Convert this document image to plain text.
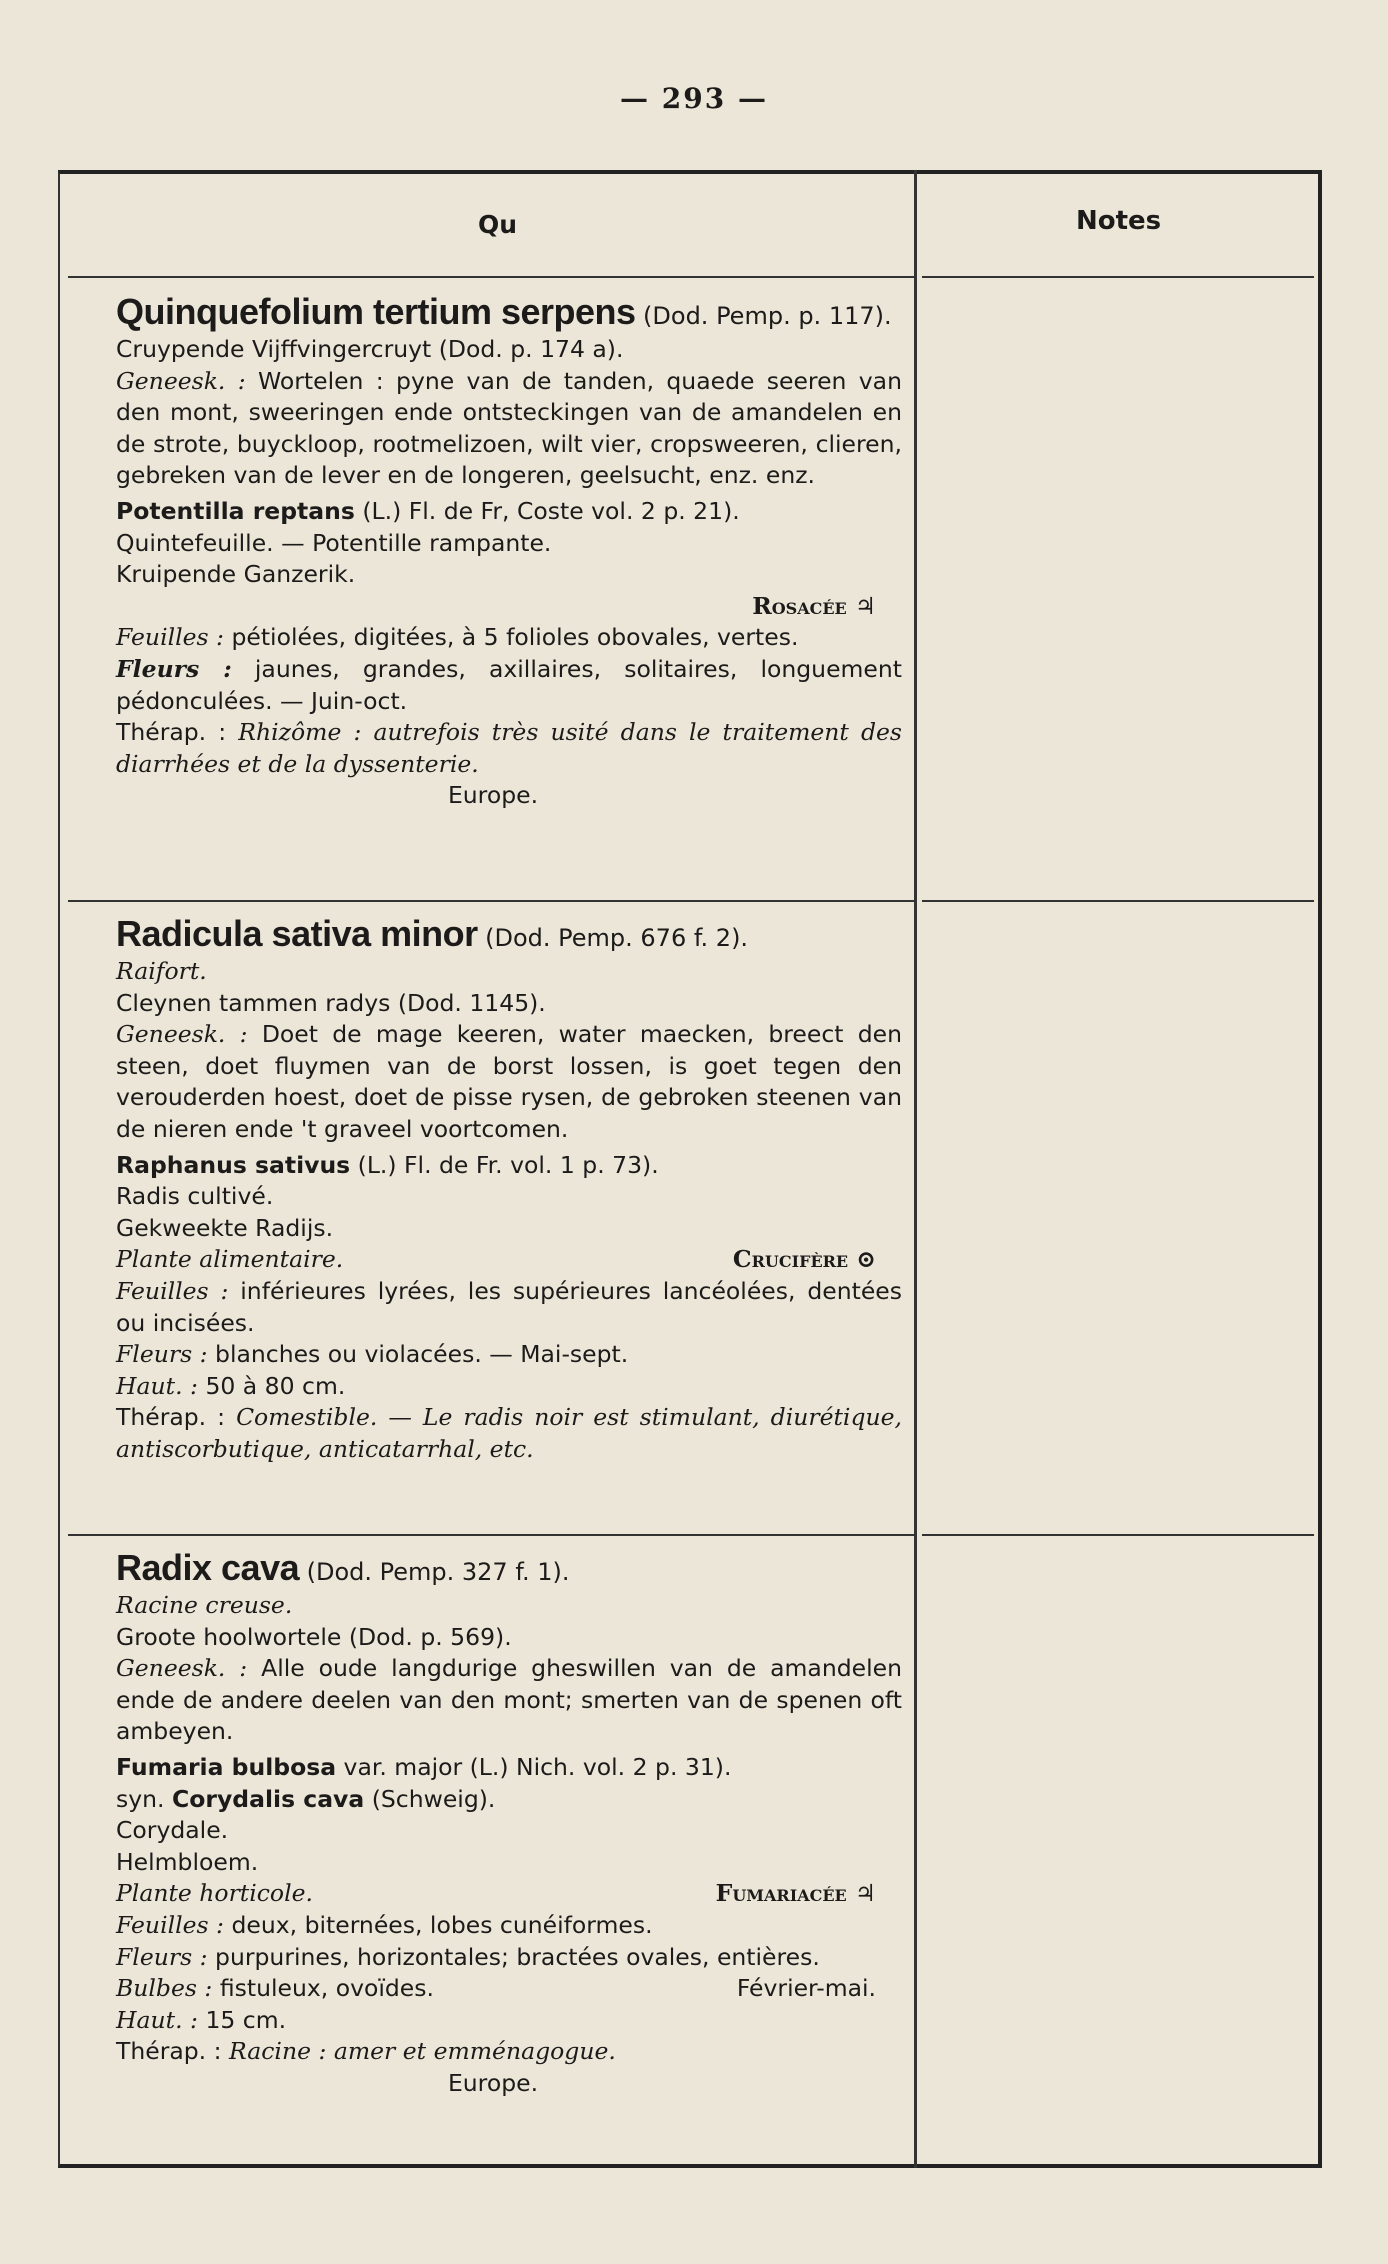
— 293 —
Qu	Notes

Quinquefolium tertium serpens (Dod. Pemp. p. 117).

Cruypende Vijffvingercruyt (Dod. p. 174 a).

Geneesk. : Wortelen : pyne van de tanden, quaede seeren van den mont, sweeringen ende ontsteckingen van de amandelen en de strote, buyckloop, rootmelizoen, wilt vier, cropsweeren, clieren, gebreken van de lever en de longeren, geelsucht, enz. enz.

Potentilla reptans (L.) Fl. de Fr, Coste vol. 2 p. 21).

Quintefeuille. — Potentille rampante.

Kruipende Ganzerik.

Rosacée ♃

Feuilles : pétiolées, digitées, à 5 folioles obovales, vertes.

Fleurs : jaunes, grandes, axillaires, solitaires, longuement pédonculées. — Juin-oct.

Thérap. : Rhizôme : autrefois très usité dans le traitement des diarrhées et de la dyssenterie.

Europe.

Radicula sativa minor (Dod. Pemp. 676 f. 2).

Raifort.

Cleynen tammen radys (Dod. 1145).

Geneesk. : Doet de mage keeren, water maecken, breect den steen, doet fluymen van de borst lossen, is goet tegen den verouderden hoest, doet de pisse rysen, de gebroken steenen van de nieren ende 't graveel voortcomen.

Raphanus sativus (L.) Fl. de Fr. vol. 1 p. 73).

Radis cultivé.

Gekweekte Radijs.

Plante alimentaire.	Crucifère ⊙

Feuilles : inférieures lyrées, les supérieures lancéolées, dentées ou incisées.

Fleurs : blanches ou violacées. — Mai-sept.

Haut. : 50 à 80 cm.

Thérap. : Comestible. — Le radis noir est stimulant, diurétique, antiscorbutique, anticatarrhal, etc.

Radix cava (Dod. Pemp. 327 f. 1).

Racine creuse.

Groote hoolwortele (Dod. p. 569).

Geneesk. : Alle oude langdurige gheswillen van de amandelen ende de andere deelen van den mont; smerten van de spenen oft ambeyen.

Fumaria bulbosa var. major (L.) Nich. vol. 2 p. 31).

syn. Corydalis cava (Schweig).

Corydale.

Helmbloem.

Plante horticole.	Fumariacée ♃

Feuilles : deux, biternées, lobes cunéiformes.

Fleurs : purpurines, horizontales; bractées ovales, entières.

Bulbes : fistuleux, ovoïdes.	Février-mai.

Haut. : 15 cm.

Thérap. : Racine : amer et emménagogue.

Europe.
